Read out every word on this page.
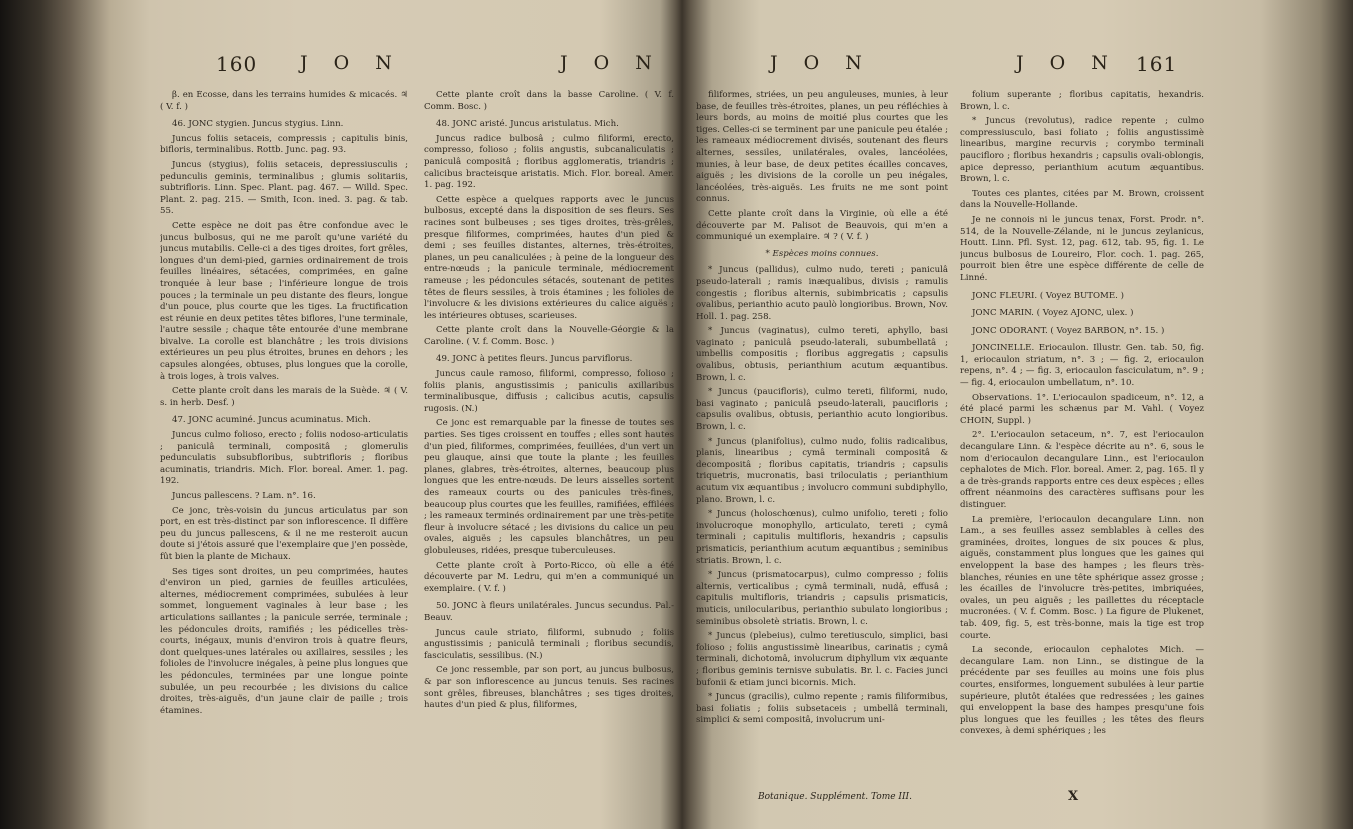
160 J O N	J O N

β. en Écosse, dans les terrains humides & micacés. ♃ ( V. f. )

46. JONC stygien. Juncus stygius. Linn.

Juncus foliis setaceis, compressis ; capitulis binis, bifloris, terminalibus. Rottb. Junc. pag. 93.

Juncus (stygius), foliis setaceis, depressiusculis ; pedunculis geminis, terminalibus ; glumis solitariis, subtrifloris. Linn. Spec. Plant. pag. 467. — Willd. Spec. Plant. 2. pag. 215. — Smith, Icon. ined. 3. pag. & tab. 55.

Cette espèce ne doit pas être confondue avec le juncus bulbosus, qui ne me paroît qu'une variété du juncus mutabilis. Celle-ci a des tiges droites, fort grêles, longues d'un demi-pied, garnies ordinairement de trois feuilles linéaires, sétacées, comprimées, en gaîne tronquée à leur base ; l'inférieure longue de trois pouces ; la terminale un peu distante des fleurs, longue d'un pouce, plus courte que les tiges. La fructification est réunie en deux petites têtes biflores, l'une terminale, l'autre sessile ; chaque tête entourée d'une membrane bivalve. La corolle est blanchâtre ; les trois divisions extérieures un peu plus étroites, brunes en dehors ; les capsules alongées, obtuses, plus longues que la corolle, à trois loges, à trois valves.

Cette plante croît dans les marais de la Suède. ♃ ( V. s. in herb. Desf. )

47. JONC acuminé. Juncus acuminatus. Mich.

Juncus culmo folioso, erecto ; foliis nodoso-articulatis ; paniculâ terminali, compositâ ; glomerulis pedunculatis subsubfloribus, subtrifloris ; floribus acuminatis, triandris. Mich. Flor. boreal. Amer. 1. pag. 192.

Juncus pallescens. ? Lam. n°. 16.

Ce jonc, très-voisin du juncus articulatus par son port, en est très-distinct par son inflorescence. Il diffère peu du juncus pallescens, & il ne me resteroit aucun doute si j'étois assuré que l'exemplaire que j'en possède, fût bien la plante de Michaux.

Ses tiges sont droites, un peu comprimées, hautes d'environ un pied, garnies de feuilles articulées, alternes, médiocrement comprimées, subulées à leur sommet, longuement vaginales à leur base ; les articulations saillantes ; la panicule serrée, terminale ; les pédoncules droits, ramifiés ; les pédicelles très-courts, inégaux, munis d'environ trois à quatre fleurs, dont quelques-unes latérales ou axillaires, sessiles ; les folioles de l'involucre inégales, à peine plus longues que les pédoncules, terminées par une longue pointe subulée, un peu recourbée ; les divisions du calice droites, très-aiguës, d'un jaune clair de paille ; trois étamines.

Cette plante croît dans la basse Caroline. ( V. f. Comm. Bosc. )

48. JONC aristé. Juncus aristulatus. Mich.

Juncus radice bulbosâ ; culmo filiformi, erecto, compresso, folioso ; foliis angustis, subcanaliculatis ; paniculâ compositâ ; floribus agglomeratis, triandris ; calicibus bracteisque aristatis. Mich. Flor. boreal. Amer. 1. pag. 192.

Cette espèce a quelques rapports avec le juncus bulbosus, excepté dans la disposition de ses fleurs. Ses racines sont bulbeuses ; ses tiges droites, très-grêles, presque filiformes, comprimées, hautes d'un pied & demi ; ses feuilles distantes, alternes, très-étroites, planes, un peu canaliculées ; à peine de la longueur des entre-nœuds ; la panicule terminale, médiocrement rameuse ; les pédoncules sétacés, soutenant de petites têtes de fleurs sessiles, à trois étamines ; les folioles de l'involucre & les divisions extérieures du calice aiguës ; les intérieures obtuses, scarieuses.

Cette plante croît dans la Nouvelle-Géorgie & la Caroline. ( V. f. Comm. Bosc. )

49. JONC à petites fleurs. Juncus parviflorus.

Juncus caule ramoso, filiformi, compresso, folioso ; foliis planis, angustissimis ; paniculis axillaribus terminalibusque, diffusis ; calicibus acutis, capsulis rugosis. (N.)

Ce jonc est remarquable par la finesse de toutes ses parties. Ses tiges croissent en touffes ; elles sont hautes d'un pied, filiformes, comprimées, feuillées, d'un vert un peu glauque, ainsi que toute la plante ; les feuilles planes, glabres, très-étroites, alternes, beaucoup plus longues que les entre-nœuds. De leurs aisselles sortent des rameaux courts ou des panicules très-fines, beaucoup plus courtes que les feuilles, ramifiées, effilées ; les rameaux terminés ordinairement par une très-petite fleur à involucre sétacé ; les divisions du calice un peu ovales, aiguës ; les capsules blanchâtres, un peu globuleuses, ridées, presque tuberculeuses.

Cette plante croît à Porto-Ricco, où elle a été découverte par M. Ledru, qui m'en a communiqué un exemplaire. ( V. f. )

50. JONC à fleurs unilatérales. Juncus secundus. Pal.-Beauv.

Juncus caule striato, filiformi, subnudo ; foliis angustissimis ; paniculâ terminali ; floribus secundis, fasciculatis, sessilibus. (N.)

Ce jonc ressemble, par son port, au juncus bulbosus, & par son inflorescence au juncus tenuis. Ses racines sont grêles, fibreuses, blanchâtres ; ses tiges droites, hautes d'un pied & plus, filiformes,

J O N	J O N 161

filiformes, striées, un peu anguleuses, munies, à leur base, de feuilles très-étroites, planes, un peu réfléchies à leurs bords, au moins de moitié plus courtes que les tiges. Celles-ci se terminent par une panicule peu étalée ; les rameaux médiocrement divisés, soutenant des fleurs alternes, sessiles, unilatérales, ovales, lancéolées, munies, à leur base, de deux petites écailles concaves, aiguës ; les divisions de la corolle un peu inégales, lancéolées, très-aiguës. Les fruits ne me sont point connus.

Cette plante croît dans la Virginie, où elle a été découverte par M. Palisot de Beauvois, qui m'en a communiqué un exemplaire. ♃ ? ( V. f. )

* Espèces moins connues.

* Juncus (pallidus), culmo nudo, tereti ; paniculâ pseudo-laterali ; ramis inæqualibus, divisis ; ramulis congestis ; floribus alternis, subimbricatis ; capsulis ovalibus, perianthio acuto paulò longioribus. Brown, Nov. Holl. 1. pag. 258.

* Juncus (vaginatus), culmo tereti, aphyllo, basi vaginato ; paniculâ pseudo-laterali, subumbellatâ ; umbellis compositis ; floribus aggregatis ; capsulis ovalibus, obtusis, perianthium acutum æquantibus. Brown, l. c.

* Juncus (paucifloris), culmo tereti, filiformi, nudo, basi vaginato ; paniculâ pseudo-laterali, paucifloris ; capsulis ovalibus, obtusis, perianthio acuto longioribus. Brown, l. c.

* Juncus (planifolius), culmo nudo, foliis radicalibus, planis, linearibus ; cymâ terminali compositâ & decompositâ ; floribus capitatis, triandris ; capsulis triquetris, mucronatis, basi triloculatis ; perianthium acutum vix æquantibus ; involucro communi subdiphyllo, plano. Brown, l. c.

* Juncus (holoschœnus), culmo unifolio, tereti ; folio involucroque monophyllo, articulato, tereti ; cymâ terminali ; capitulis multifloris, hexandris ; capsulis prismaticis, perianthium acutum æquantibus ; seminibus striatis. Brown, l. c.

* Juncus (prismatocarpus), culmo compresso ; foliis alternis, verticalibus ; cymâ terminali, nudâ, effusâ ; capitulis multifloris, triandris ; capsulis prismaticis, muticis, unilocularibus, perianthio subulato longioribus ; seminibus obsoletè striatis. Brown, l. c.

* Juncus (plebeius), culmo teretiusculo, simplici, basi folioso ; foliis angustissimè linearibus, carinatis ; cymâ terminali, dichotomâ, involucrum diphyllum vix æquante ; floribus geminis ternisve subulatis. Br. l. c. Facies junci bufonii & etiam junci bicornis. Mich.

* Juncus (gracilis), culmo repente ; ramis filiformibus, basi foliatis ; foliis subsetaceis ; umbellâ terminali, simplici & semi compositâ, involucrum uni-

folium superante ; floribus capitatis, hexandris. Brown, l. c.

* Juncus (revolutus), radice repente ; culmo compressiusculo, basi foliato ; foliis angustissimè linearibus, margine recurvis ; corymbo terminali paucifloro ; floribus hexandris ; capsulis ovali-oblongis, apice depresso, perianthium acutum æquantibus. Brown, l. c.

Toutes ces plantes, citées par M. Brown, croissent dans la Nouvelle-Hollande.

Je ne connois ni le juncus tenax, Forst. Prodr. n°. 514, de la Nouvelle-Zélande, ni le juncus zeylanicus, Houtt. Linn. Pfl. Syst. 12, pag. 612, tab. 95, fig. 1. Le juncus bulbosus de Loureiro, Flor. coch. 1. pag. 265, pourroit bien être une espèce différente de celle de Linné.

JONC FLEURI. ( Voyez BUTOME. )

JONC MARIN. ( Voyez AJONC, ulex. )

JONC ODORANT. ( Voyez BARBON, n°. 15. )

JONCINELLE. Eriocaulon. Illustr. Gen. tab. 50, fig. 1, eriocaulon striatum, n°. 3 ; — fig. 2, eriocaulon repens, n°. 4 ; — fig. 3, eriocaulon fasciculatum, n°. 9 ; — fig. 4, eriocaulon umbellatum, n°. 10.

Observations. 1°. L'eriocaulon spadiceum, n°. 12, a été placé parmi les schænus par M. Vahl. ( Voyez CHOIN, Suppl. )

2°. L'eriocaulon setaceum, n°. 7, est l'eriocaulon decangulare Linn. & l'espèce décrite au n°. 6, sous le nom d'eriocaulon decangulare Linn., est l'eriocaulon cephalotes de Mich. Flor. boreal. Amer. 2, pag. 165. Il y a de très-grands rapports entre ces deux espèces ; elles offrent néanmoins des caractères suffisans pour les distinguer.

La première, l'eriocaulon decangulare Linn. non Lam., a ses feuilles assez semblables à celles des graminées, droites, longues de six pouces & plus, aiguës, constamment plus longues que les gaines qui enveloppent la base des hampes ; les fleurs très-blanches, réunies en une tête sphérique assez grosse ; les écailles de l'involucre très-petites, imbriquées, ovales, un peu aiguës ; les paillettes du réceptacle mucronées. ( V. f. Comm. Bosc. ) La figure de Plukenet, tab. 409, fig. 5, est très-bonne, mais la tige est trop courte.

La seconde, eriocaulon cephalotes Mich. — decangulare Lam. non Linn., se distingue de la précédente par ses feuilles au moins une fois plus courtes, ensiformes, longuement subulées à leur partie supérieure, plutôt étalées que redressées ; les gaines qui enveloppent la base des hampes presqu'une fois plus longues que les feuilles ; les têtes des fleurs convexes, à demi sphériques ; les

Botanique. Supplément. Tome III.	X
